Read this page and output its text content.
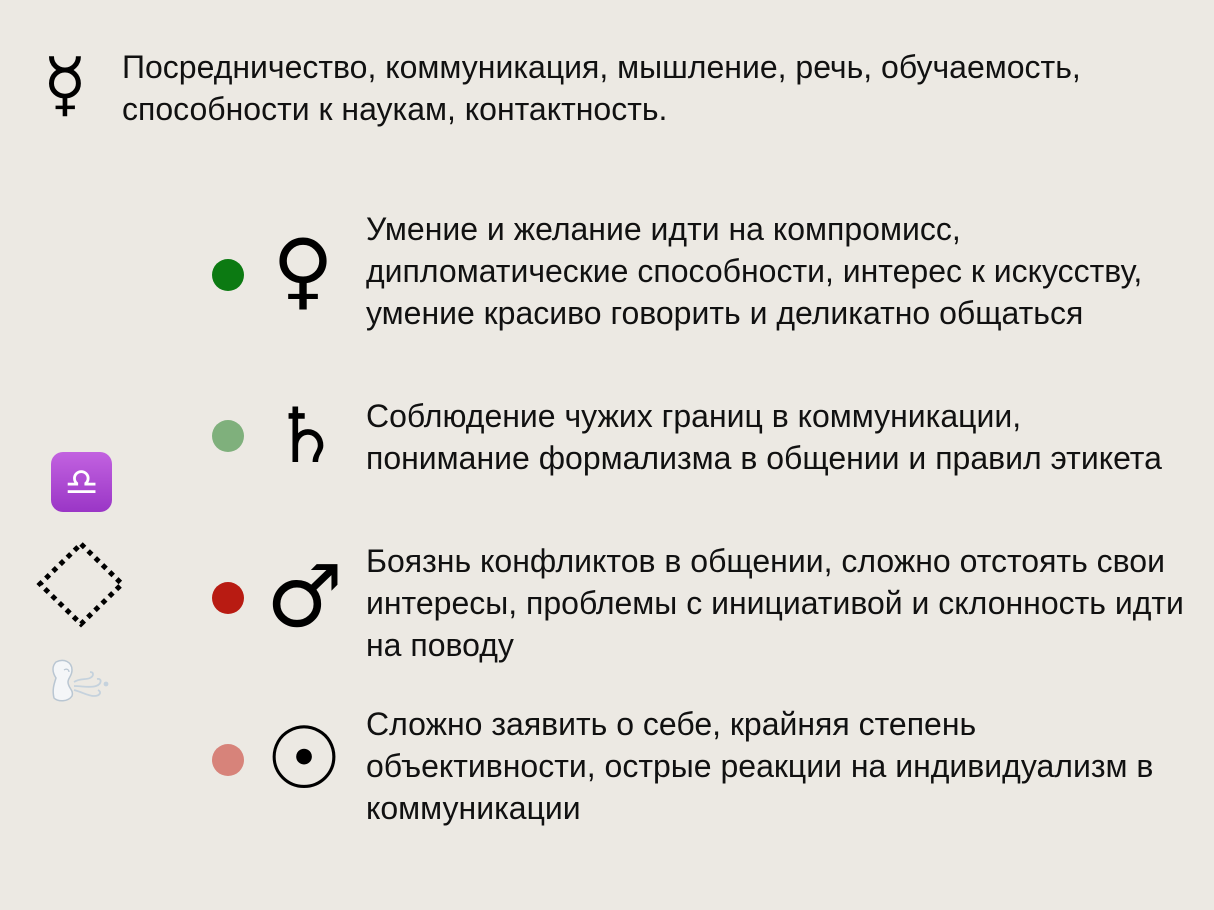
☿ Посредничество, коммуникация, мышление, речь, обучаемость, способности к наукам, контактность.
♎
♀ Умение и желание идти на компромисс, дипломатические способности, интерес к искусству, умение красиво говорить и деликатно общаться
♄ Соблюдение чужих границ в коммуникации, понимание формализма в общении и правил этикета
♂ Боязнь конфликтов в общении, сложно отстоять свои интересы, проблемы с инициативой и склонность идти на поводу
☉ Сложно заявить о себе, крайняя степень объективности, острые реакции на индивидуализм в коммуникации
